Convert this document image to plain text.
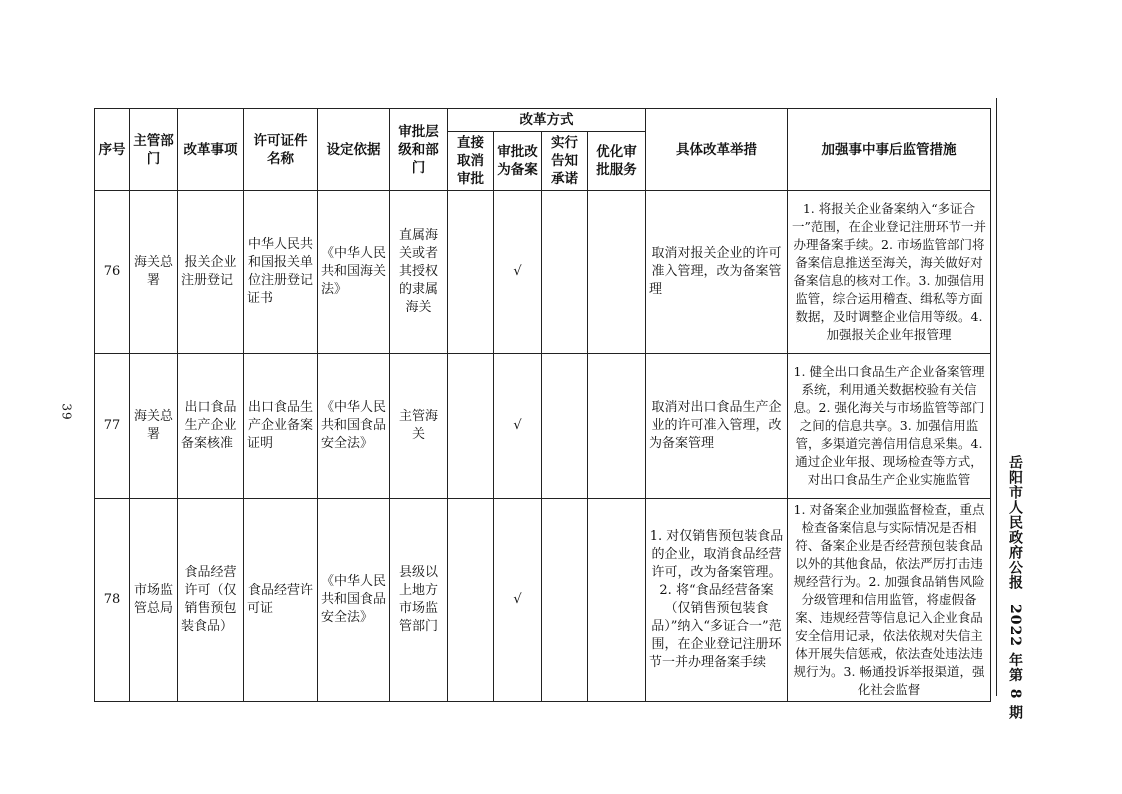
39
岳阳市人民政府公报2022 年第 8 期
序号	主管部门	改革事项	许可证件名称	设定依据	审批层级和部门	改革方式				具体改革举措	加强事中事后监管措施
						直接取消审批	审批改为备案	实行告知承诺	优化审批服务		
76	海关总署	报关企业注册登记	中华人民共和国报关单位注册登记证书	《中华人民共和国海关法》	直属海关或者其授权的隶属海关		√			取消对报关企业的许可准入管理，改为备案管理	1. 将报关企业备案纳入“多证合一”范围，在企业登记注册环节一并办理备案手续。2. 市场监管部门将备案信息推送至海关，海关做好对备案信息的核对工作。3. 加强信用监管，综合运用稽查、缉私等方面数据，及时调整企业信用等级。4. 加强报关企业年报管理
77	海关总署	出口食品生产企业备案核准	出口食品生产企业备案证明	《中华人民共和国食品安全法》	主管海关		√			取消对出口食品生产企业的许可准入管理，改为备案管理	1. 健全出口食品生产企业备案管理系统，利用通关数据校验有关信息。2. 强化海关与市场监管等部门之间的信息共享。3. 加强信用监管，多渠道完善信用信息采集。4. 通过企业年报、现场检查等方式，对出口食品生产企业实施监管
78	市场监管总局	食品经营许可（仅销售预包装食品）	食品经营许可证	《中华人民共和国食品安全法》	县级以上地方市场监管部门		√			1. 对仅销售预包装食品的企业，取消食品经营许可，改为备案管理。2. 将“食品经营备案（仅销售预包装食品）”纳入“多证合一”范围，在企业登记注册环节一并办理备案手续	1. 对备案企业加强监督检查，重点检查备案信息与实际情况是否相符、备案企业是否经营预包装食品以外的其他食品，依法严厉打击违规经营行为。2. 加强食品销售风险分级管理和信用监管，将虚假备案、违规经营等信息记入企业食品安全信用记录，依法依规对失信主体开展失信惩戒，依法查处违法违规行为。3. 畅通投诉举报渠道，强化社会监督
